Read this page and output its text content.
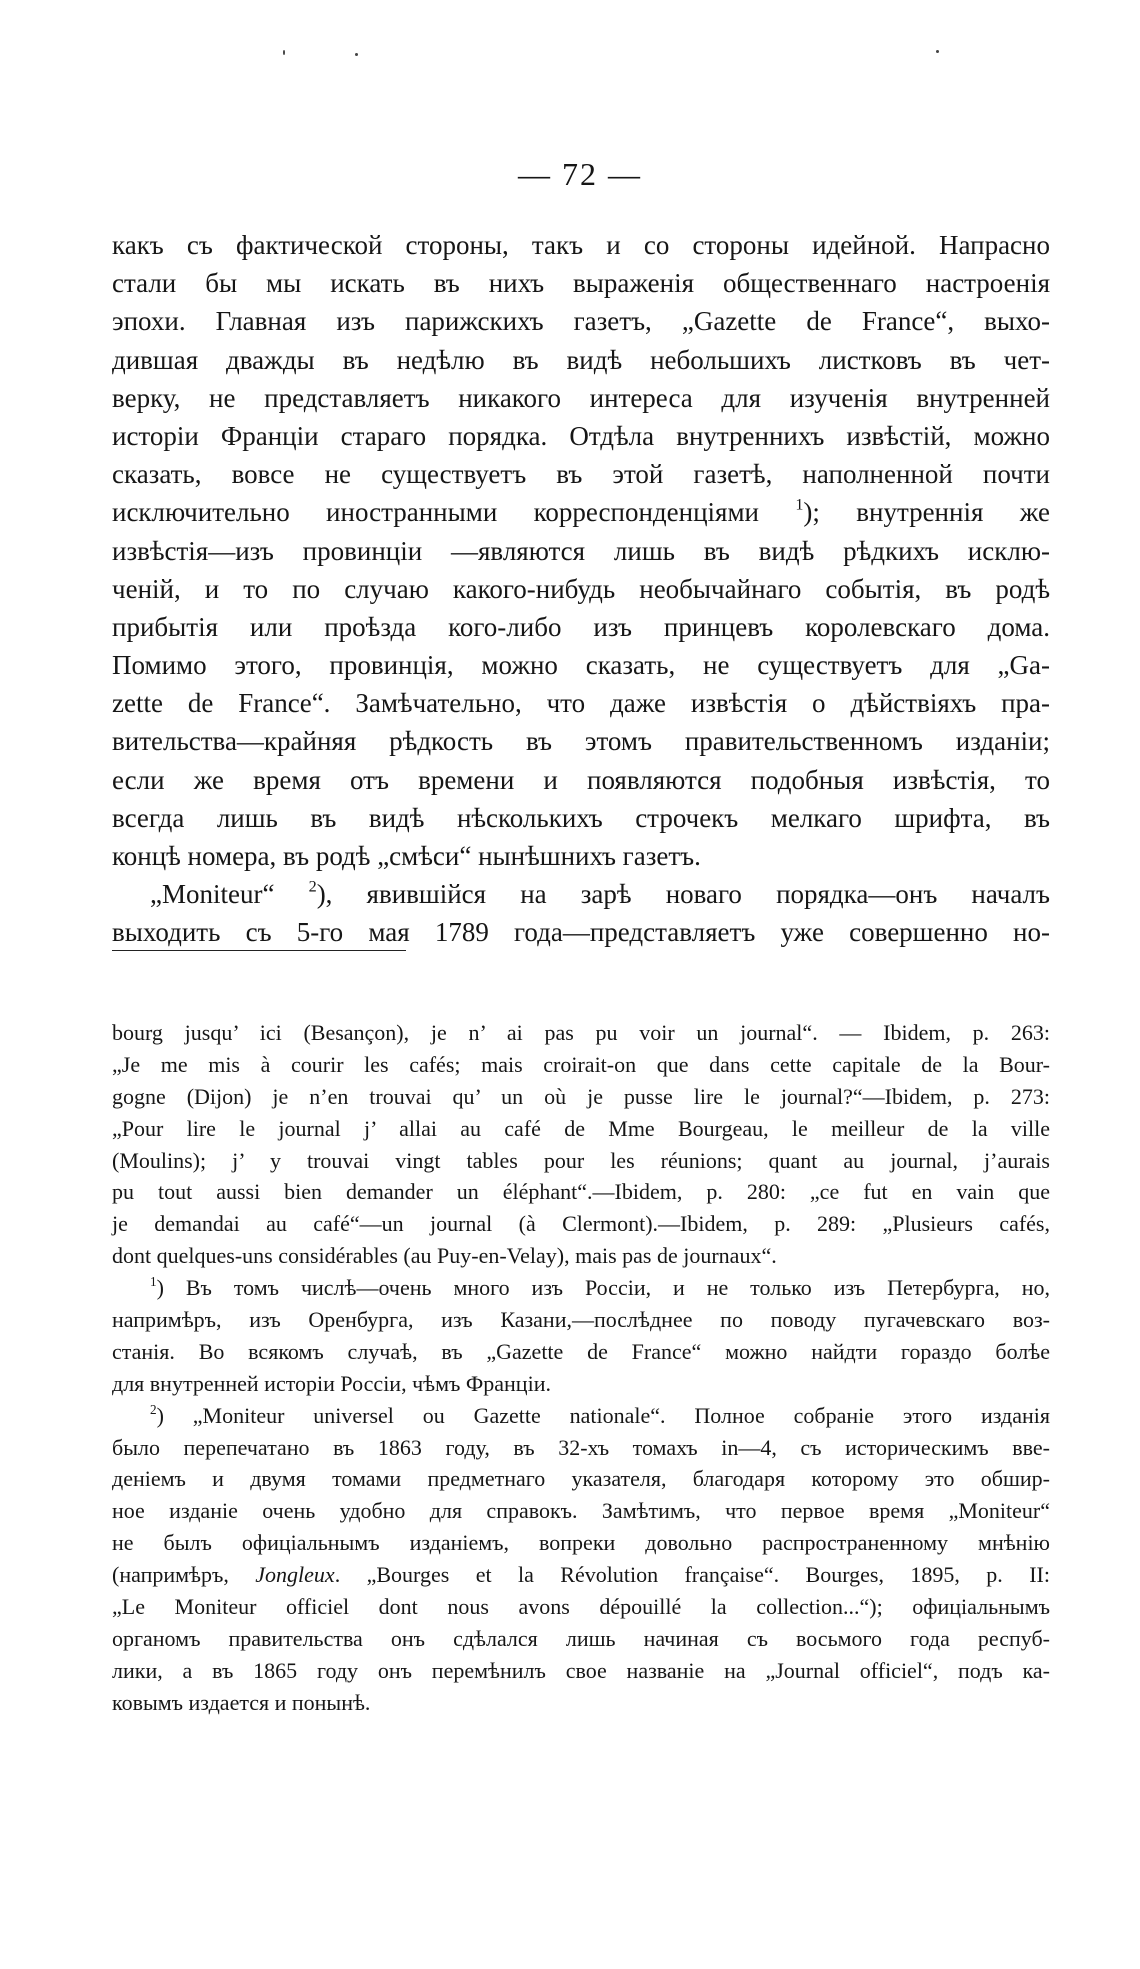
— 72 —
какъ съ фактической стороны, такъ и со стороны идейной. Напрасно
стали бы мы искать въ нихъ выраженія общественнаго настроенія
эпохи. Главная изъ парижскихъ газетъ, „Gazette de France“, выхо-
дившая дважды въ недѣлю въ видѣ небольшихъ листковъ въ чет-
верку, не представляетъ никакого интереса для изученія внутренней
исторіи Франціи стараго порядка. Отдѣла внутреннихъ извѣстій, можно
сказать, вовсе не существуетъ въ этой газетѣ, наполненной почти
исключительно иностранными корреспонденціями $^1$); внутреннія же
извѣстія—изъ провинціи —являются лишь въ видѣ рѣдкихъ исклю-
ченій, и то по случаю какого-нибудь необычайнаго событія, въ родѣ
прибытія или проѣзда кого-либо изъ принцевъ королевскаго дома.
Помимо этого, провинція, можно сказать, не существуетъ для „Ga-
zette de France“. Замѣчательно, что даже извѣстія о дѣйствіяхъ пра-
вительства—крайняя рѣдкость въ этомъ правительственномъ изданіи;
если же время отъ времени и появляются подобныя извѣстія, то
всегда лишь въ видѣ нѣсколькихъ строчекъ мелкаго шрифта, въ
концѣ номера, въ родѣ „смѣси“ нынѣшнихъ газетъ.
„Moniteur“ $^2$), явившійся на зарѣ новаго порядка—онъ началъ
выходить съ 5-го мая 1789 года—представляетъ уже совершенно но-
bourg jusqu’ ici (Besançon), je n’ ai pas pu voir un journal“. — Ibidem, p. 263:
„Je me mis à courir les cafés; mais croirait-on que dans cette capitale de la Bour-
gogne (Dijon) je n’en trouvai qu’ un où je pusse lire le journal?“—Ibidem, p. 273:
„Pour lire le journal j’ allai au café de Mme Bourgeau, le meilleur de la ville
(Moulins); j’ y trouvai vingt tables pour les réunions; quant au journal, j’aurais
pu tout aussi bien demander un éléphant“.—Ibidem, p. 280: „ce fut en vain que
je demandai au café“—un journal (à Clermont).—Ibidem, p. 289: „Plusieurs cafés,
dont quelques-uns considérables (au Puy-en-Velay), mais pas de journaux“.
$^1$) Въ томъ числѣ—очень много изъ Россіи, и не только изъ Петербурга, но,
напримѣръ, изъ Оренбурга, изъ Казани,—послѣднее по поводу пугачевскаго воз-
станія. Во всякомъ случаѣ, въ „Gazette de France“ можно найдти гораздо болѣе
для внутренней исторіи Россіи, чѣмъ Франціи.
$^2$) „Moniteur universel ou Gazette nationale“. Полное собраніе этого изданія
было перепечатано въ 1863 году, въ 32-хъ томахъ in—4, съ историческимъ вве-
деніемъ и двумя томами предметнаго указателя, благодаря которому это обшир-
ное изданіе очень удобно для справокъ. Замѣтимъ, что первое время „Moniteur“
не былъ офиціальнымъ изданіемъ, вопреки довольно распространенному мнѣнію
(напримѣръ, Jongleux. „Bourges et la Révolution française“. Bourges, 1895, p. II:
„Le Moniteur officiel dont nous avons dépouillé la collection...“); офиціальнымъ
органомъ правительства онъ сдѣлался лишь начиная съ восьмого года респуб-
лики, а въ 1865 году онъ перемѣнилъ свое названіе на „Journal officiel“, подъ ка-
ковымъ издается и понынѣ.
